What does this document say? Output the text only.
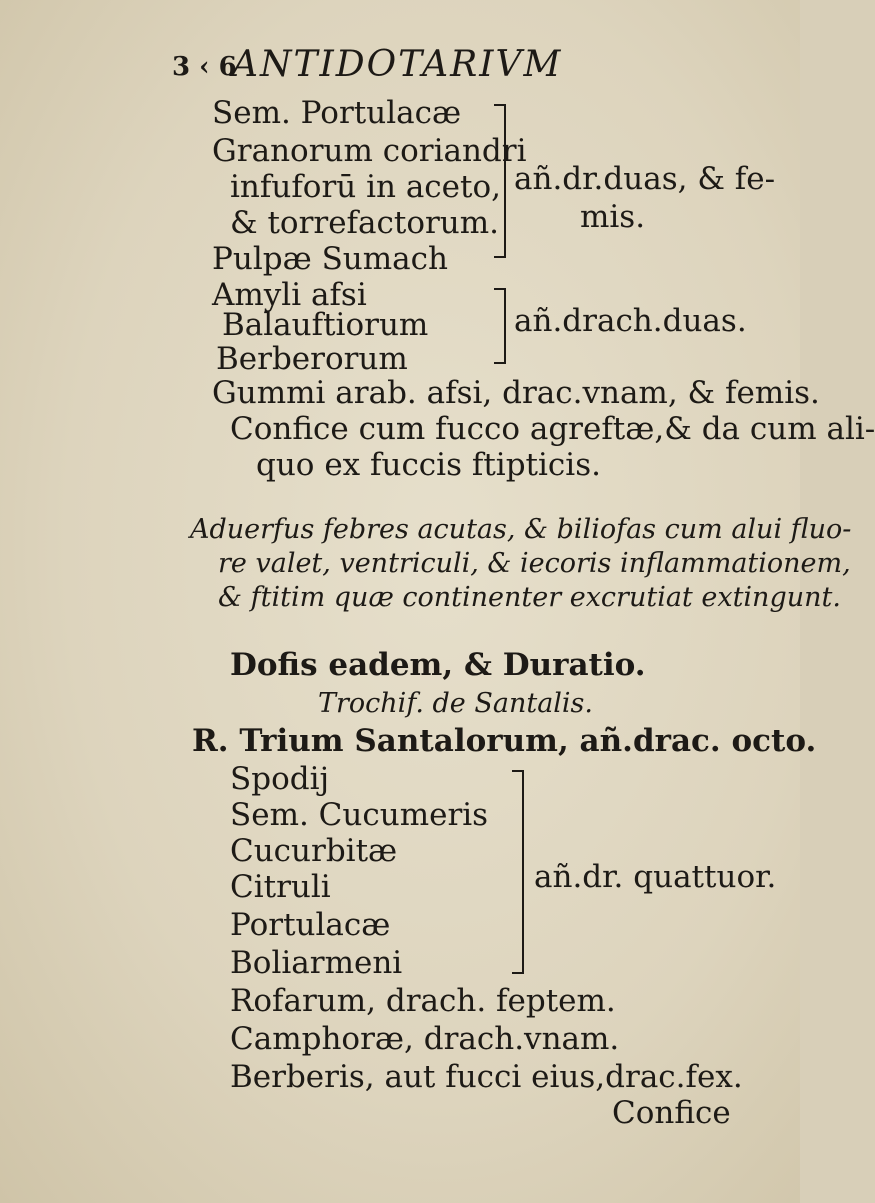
3 ‹ 6
ANTIDOTARIVM
Sem. Portulacæ
Granorum coriandri
infuforū in aceto,
& torrefactorum.
añ.dr.duas, & fe-
mis.
Pulpæ Sumach
Amyli afsi
Balauftiorum
Berberorum
añ.drach.duas.
Gummi arab. afsi, drac.vnam, & femis.
Confice cum fucco agreftæ,& da cum ali-
quo ex fuccis ftipticis.
Aduerfus febres acutas, & biliofas cum alui fluo-
re valet, ventriculi, & iecoris inflammationem,
& ftitim quæ continenter excrutiat extingunt.
Dofis eadem, & Duratio.
Trochif. de Santalis.
R. Trium Santalorum, añ.drac. octo.
Spodij
Sem. Cucumeris
Cucurbitæ
Citruli
Portulacæ
Boliarmeni
añ.dr. quattuor.
Rofarum, drach. feptem.
Camphoræ, drach.vnam.
Berberis, aut fucci eius,drac.fex.
Confice
